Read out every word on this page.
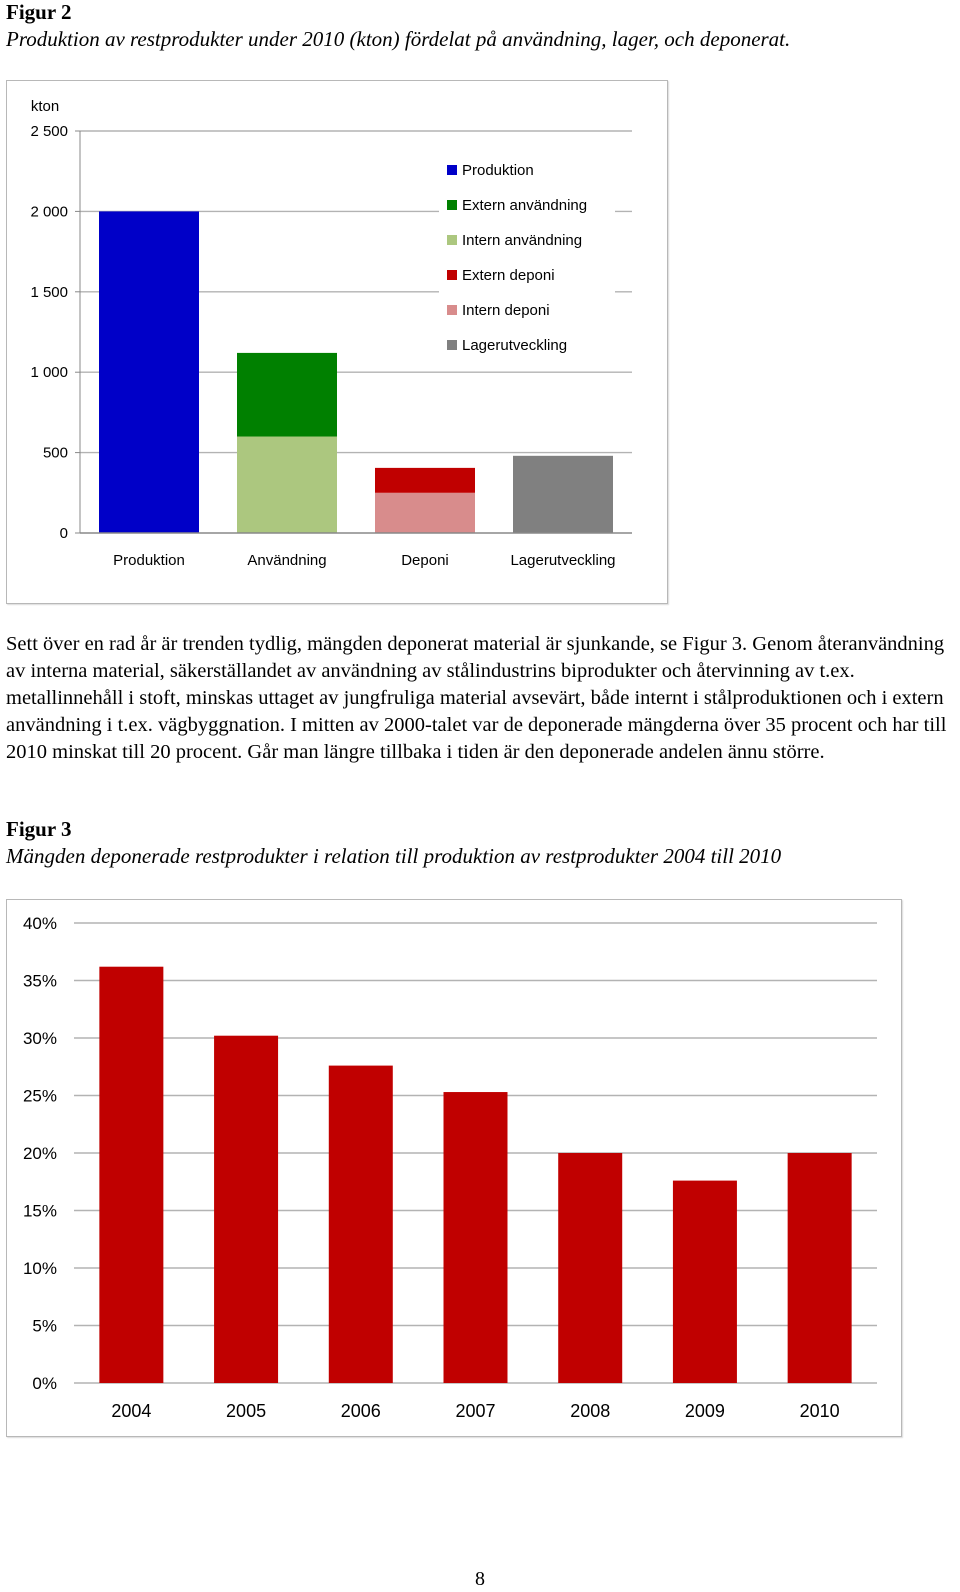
Figur 2
Produktion av restprodukter under 2010 (kton) fördelat på användning, lager, och deponerat.
kton
0
500
1 000
1 500
2 000
2 500
Produktion	Användning	Deponi	Lagerutveckling
Produktion
Extern användning
Intern användning
Extern deponi
Intern deponi
Lagerutveckling

Sett över en rad år är trenden tydlig, mängden deponerat material är sjunkande, se Figur 3. Genom återanvändning av interna material, säkerställandet av användning av stålindustrins biprodukter och återvinning av t.ex. metallinnehåll i stoft, minskas uttaget av jungfruliga material avsevärt, både internt i stålproduktionen och i extern användning i t.ex. vägbyggnation. I mitten av 2000-talet var de deponerade mängderna över 35 procent och har till 2010 minskat till 20 procent. Går man längre tillbaka i tiden är den deponerade andelen ännu större.

Figur 3
Mängden deponerade restprodukter i relation till produktion av restprodukter 2004 till 2010
0%
5%
10%
15%
20%
25%
30%
35%
40%
2004	2005	2006	2007	2008	2009	2010
8
